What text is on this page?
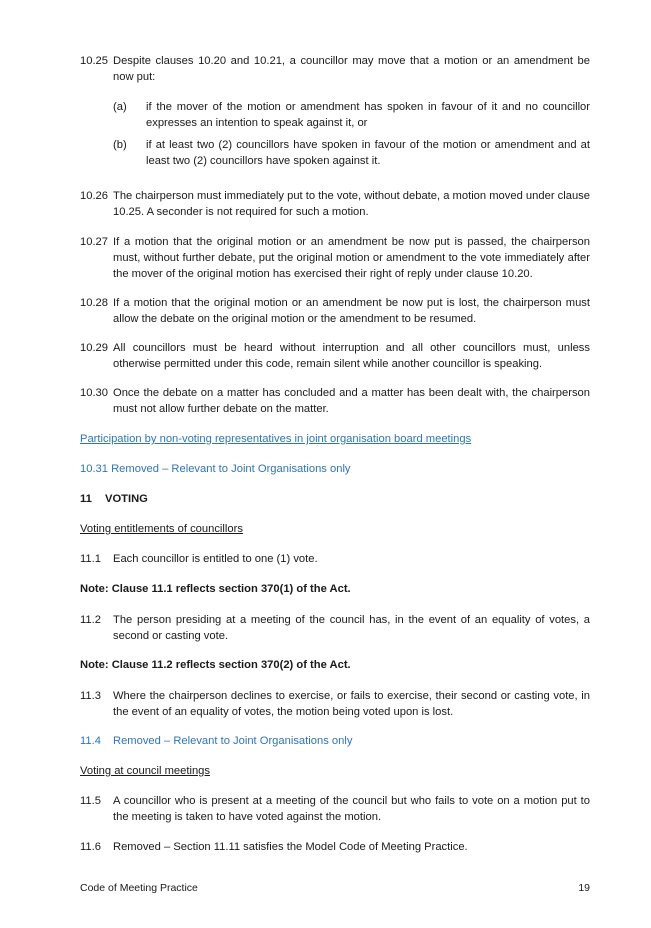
10.25 Despite clauses 10.20 and 10.21, a councillor may move that a motion or an amendment be now put:
(a)	if the mover of the motion or amendment has spoken in favour of it and no councillor expresses an intention to speak against it, or
(b)	if at least two (2) councillors have spoken in favour of the motion or amendment and at least two (2) councillors have spoken against it.
10.26 The chairperson must immediately put to the vote, without debate, a motion moved under clause 10.25. A seconder is not required for such a motion.
10.27 If a motion that the original motion or an amendment be now put is passed, the chairperson must, without further debate, put the original motion or amendment to the vote immediately after the mover of the original motion has exercised their right of reply under clause 10.20.
10.28 If a motion that the original motion or an amendment be now put is lost, the chairperson must allow the debate on the original motion or the amendment to be resumed.
10.29 All councillors must be heard without interruption and all other councillors must, unless otherwise permitted under this code, remain silent while another councillor is speaking.
10.30 Once the debate on a matter has concluded and a matter has been dealt with, the chairperson must not allow further debate on the matter.
Participation by non-voting representatives in joint organisation board meetings
10.31 Removed – Relevant to Joint Organisations only
11 VOTING
Voting entitlements of councillors
11.1	Each councillor is entitled to one (1) vote.
Note: Clause 11.1 reflects section 370(1) of the Act.
11.2	The person presiding at a meeting of the council has, in the event of an equality of votes, a second or casting vote.
Note: Clause 11.2 reflects section 370(2) of the Act.
11.3	Where the chairperson declines to exercise, or fails to exercise, their second or casting vote, in the event of an equality of votes, the motion being voted upon is lost.
11.4	Removed – Relevant to Joint Organisations only
Voting at council meetings
11.5	A councillor who is present at a meeting of the council but who fails to vote on a motion put to the meeting is taken to have voted against the motion.
11.6	Removed – Section 11.11 satisfies the Model Code of Meeting Practice.
Code of Meeting Practice	19
